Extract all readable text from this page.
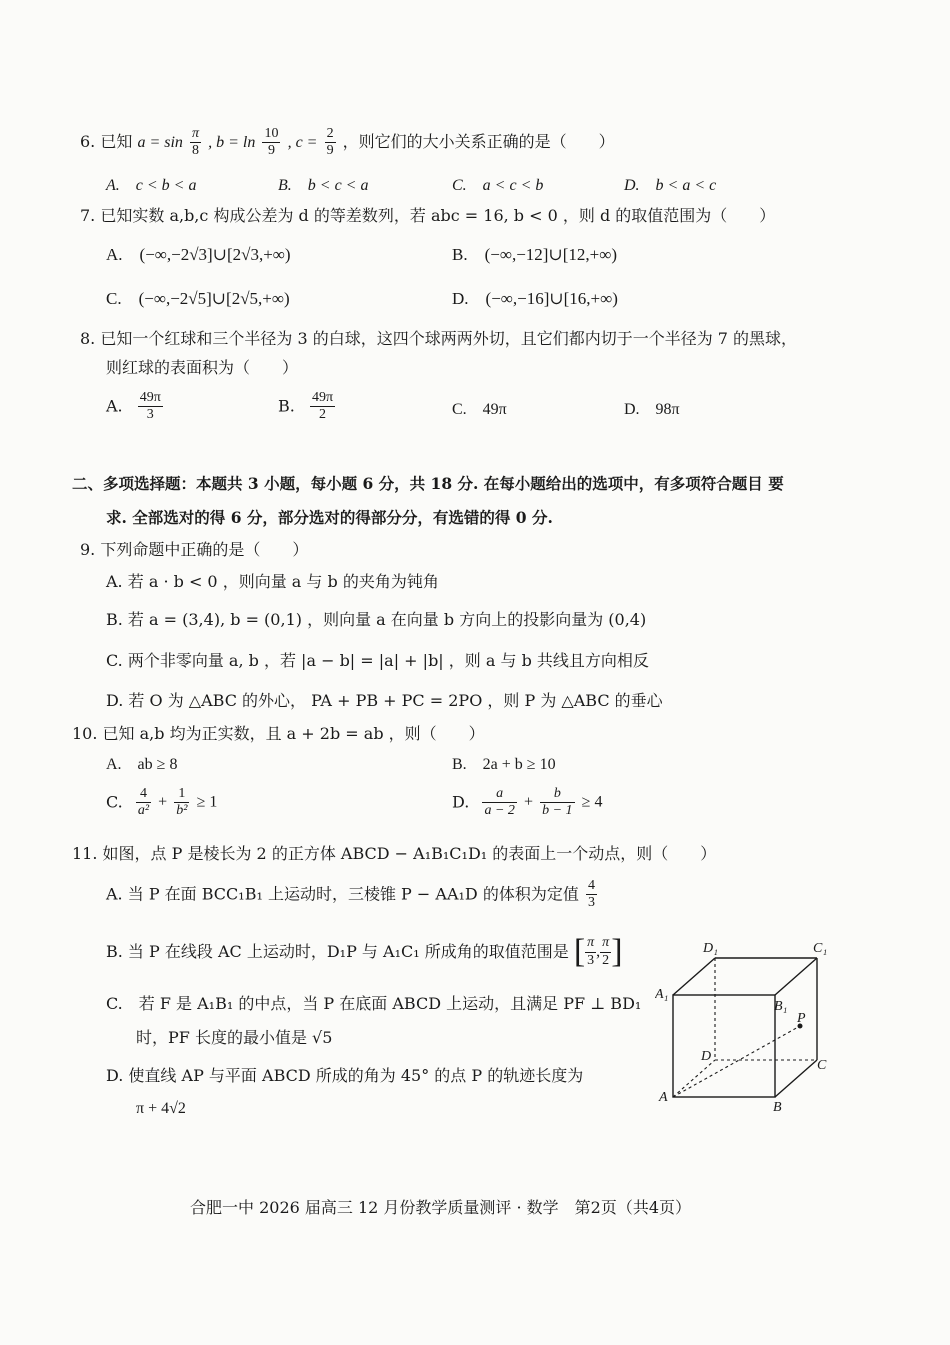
6. 已知 $a = \sin \frac{\pi}{8}$ , $b = \ln \frac{10}{9}$ , $c = \frac{2}{9}$ ，则它们的大小关系正确的是（　　）
A.　c < b < a	B.　b < c < a	C.　a < c < b	D.　b < a < c
7. 已知实数 a,b,c 构成公差为 d 的等差数列，若 abc = 16, b < 0 ，则 d 的取值范围为（　　）
A.　(−∞,−2√3]∪[2√3,+∞)	B.　(−∞,−12]∪[12,+∞)
C.　(−∞,−2√5]∪[2√5,+∞)	D.　(−∞,−16]∪[16,+∞)
8. 已知一个红球和三个半径为 3 的白球，这四个球两两外切，且它们都内切于一个半径为 7 的黑球，
则红球的表面积为（　　）
A. $\frac{49\pi}{3}$	B. $\frac{49\pi}{2}$	C.　49π	D.　98π
二、多项选择题：本题共 3 小题，每小题 6 分，共 18 分. 在每小题给出的选项中，有多项符合题目 要
求. 全部选对的得 6 分，部分选对的得部分分，有选错的得 0 分.
9. 下列命题中正确的是（　　）
A. 若 a · b < 0 ，则向量 a 与 b 的夹角为钝角
B. 若 a = (3,4), b = (0,1) ，则向量 a 在向量 b 方向上的投影向量为 (0,4)
C. 两个非零向量 a, b ，若 |a − b| = |a| + |b| ，则 a 与 b 共线且方向相反
D. 若 O 为 △ABC 的外心， PA + PB + PC = 2PO ，则 P 为 △ABC 的垂心
10. 已知 a,b 均为正实数，且 a + 2b = ab ，则（　　）
A.　ab ≥ 8	B.　2a + b ≥ 10
C. $\frac{4}{\text{a²}} + \frac{1}{\text{b²}} \ge 1$	D. $\frac{a}{a - 2} + \frac{b}{b - 1} \ge 4$
11. 如图，点 P 是棱长为 2 的正方体 ABCD − A₁B₁C₁D₁ 的表面上一个动点，则（　　）
A. 当 P 在面 BCC₁B₁ 上运动时，三棱锥 P − AA₁D 的体积为定值 $\frac{4}{3}$
B. 当 P 在线段 AC 上运动时，D₁P 与 A₁C₁ 所成角的取值范围是 [ $\frac{\pi}{3}$ , $\frac{\pi}{2}$ ]
C.　若 F 是 A₁B₁ 的中点，当 P 在底面 ABCD 上运动，且满足 PF ⊥ BD₁
时，PF 长度的最小值是 √5
D. 使直线 AP 与平面 ABCD 所成的角为 45° 的点 P 的轨迹长度为
π + 4√2
D₁	C₁
A₁
B₁
P
D
C
A
B
合肥一中 2026 届高三 12 月份教学质量测评 · 数学　第2页（共4页）
